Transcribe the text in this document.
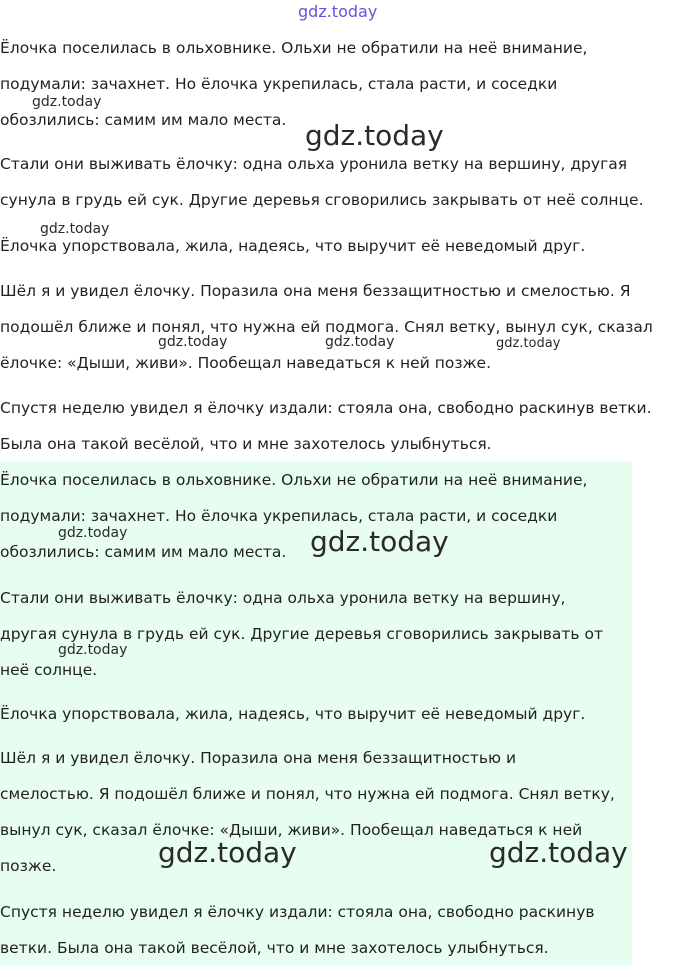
Ёлочка поселилась в ольховнике. Ольхи не обратили на неё внимание,
подумали: зачахнет. Но ёлочка укрепилась, стала расти, и соседки
обозлились: самим им мало места.

Стали они выживать ёлочку: одна ольха уронила ветку на вершину, другая
сунула в грудь ей сук. Другие деревья сговорились закрывать от неё солнце.

Ёлочка упорствовала, жила, надеясь, что выручит её неведомый друг.

Шёл я и увидел ёлочку. Поразила она меня беззащитностью и смелостью. Я
подошёл ближе и понял, что нужна ей подмога. Снял ветку, вынул сук, сказал
ёлочке: «Дыши, живи». Пообещал наведаться к ней позже.

Спустя неделю увидел я ёлочку издали: стояла она, свободно раскинув ветки.
Была она такой весёлой, что и мне захотелось улыбнуться.

Ёлочка поселилась в ольховнике. Ольхи не обратили на неё внимание,
подумали: зачахнет. Но ёлочка укрепилась, стала расти, и соседки
обозлились: самим им мало места.

Стали они выживать ёлочку: одна ольха уронила ветку на вершину,
другая сунула в грудь ей сук. Другие деревья сговорились закрывать от
неё солнце.

Ёлочка упорствовала, жила, надеясь, что выручит её неведомый друг.

Шёл я и увидел ёлочку. Поразила она меня беззащитностью и
смелостью. Я подошёл ближе и понял, что нужна ей подмога. Снял ветку,
вынул сук, сказал ёлочке: «Дыши, живи». Пообещал наведаться к ней
позже.

Спустя неделю увидел я ёлочку издали: стояла она, свободно раскинув
ветки. Была она такой весёлой, что и мне захотелось улыбнуться.

gdz.today
gdz.today
gdz.today
gdz.today
gdz.today	gdz.today	gdz.today
gdz.today
gdz.today
gdz.today
gdz.today	gdz.today
